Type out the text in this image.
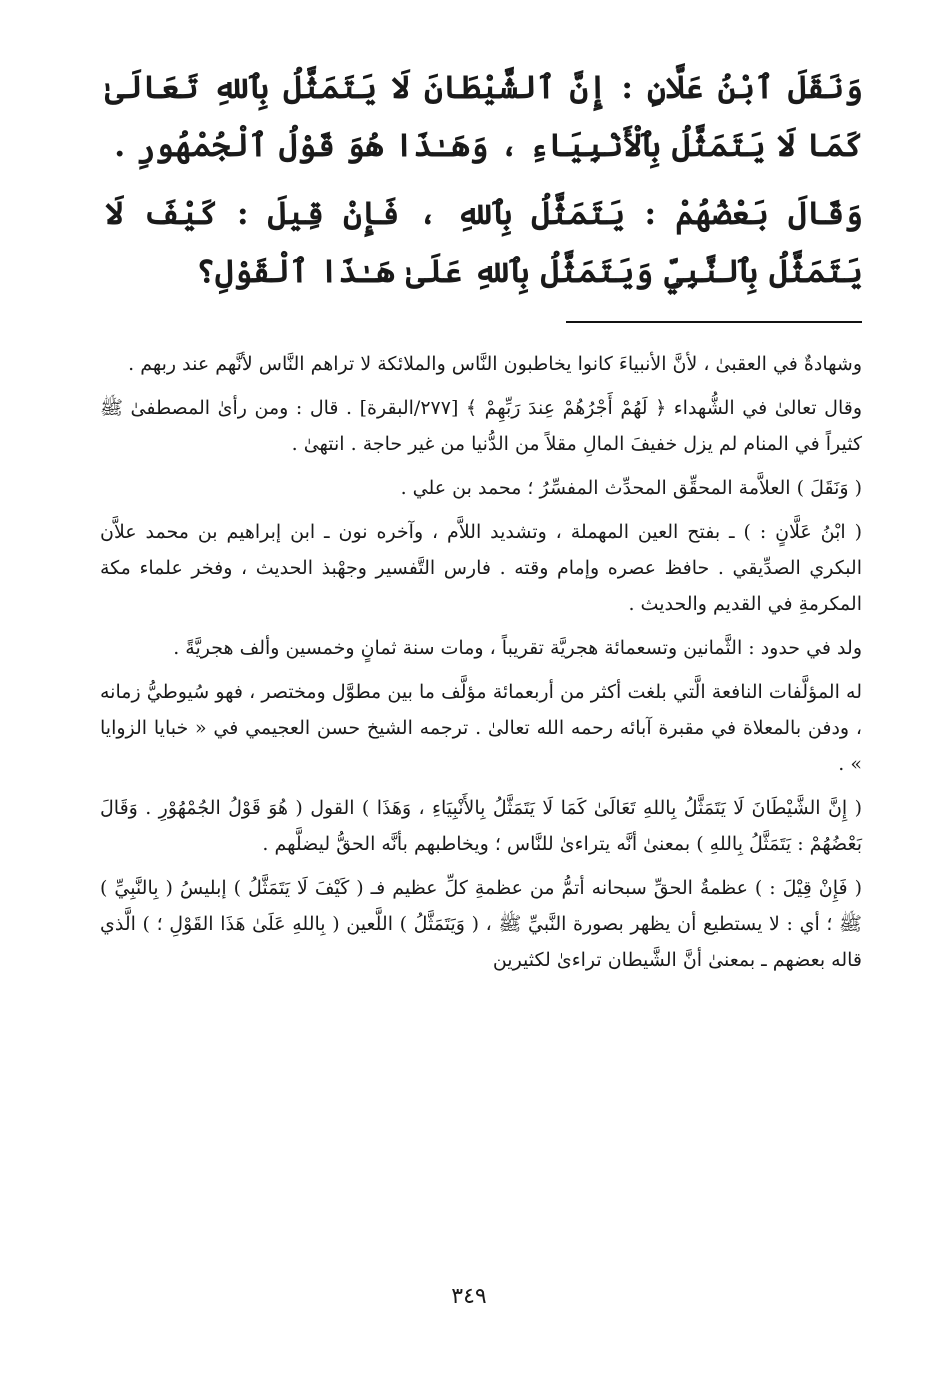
وَنَقَلَ ٱبْنُ عَلَّانٍ : إِنَّ ٱلشَّيْطَانَ لَا يَتَمَثَّلُ بِٱللهِ تَعَالَىٰ كَمَا لَا يَتَمَثَّلُ بِٱلْأَنْبِيَاءِ ، وَهَـٰذَا هُوَ قَوْلُ ٱلْجُمْهُورِ .

وَقَالَ بَعْضُهُمْ : يَتَمَثَّلُ بِٱللهِ ، فَإِنْ قِيلَ : كَيْفَ لَا يَتَمَثَّلُ بِٱلنَّبِيِّ وَيَتَمَثَّلُ بِٱللهِ عَلَىٰ هَـٰذَا ٱلْقَوْلِ؟

وشهادةٌ في العقبىٰ ، لأنَّ الأنبياءَ كانوا يخاطبون النَّاس والملائكة لا تراهم النَّاس لأنَّهم عند ربهم .

وقال تعالىٰ في الشُّهداء ﴿ لَهُمْ أَجْرُهُمْ عِندَ رَبِّهِمْ ﴾ [٢٧٧/البقرة] . قال : ومن رأىٰ المصطفىٰ ﷺ كثيراً في المنام لم يزل خفيفَ المالِ مقلاً من الدُّنيا من غير حاجة . انتهىٰ .

( وَنَقَلَ ) العلاَّمة المحقِّق المحدِّث المفسِّرُ ؛ محمد بن علي .

( ابْنُ عَلَّانٍ : ) ـ بفتح العين المهملة ، وتشديد اللاَّم ، وآخره نون ـ ابن إبراهيم بن محمد علاَّن البكري الصدِّيقي . حافظ عصره وإمام وقته . فارس التَّفسير وجهْبذ الحديث ، وفخر علماء مكة المكرمةِ في القديم والحديث .

ولد في حدود : الثَّمانين وتسعمائة هجريَّة تقريباً ، ومات سنة ثمانٍ وخمسين وألف هجريَّةً .

له المؤلَّفات النافعة الَّتي بلغت أكثر من أربعمائة مؤلَّف ما بين مطوَّل ومختصر ، فهو سُيوطيُّ زمانه ، ودفن بالمعلاة في مقبرة آبائه رحمه الله تعالىٰ . ترجمه الشيخ حسن العجيمي في « خبايا الزوايا » .

( إِنَّ الشَّيْطَانَ لَا يَتَمَثَّلُ بِاللهِ تَعَالَىٰ كَمَا لَا يَتَمَثَّلُ بِالأَنْبِيَاءِ ، وَهَذَا ) القول ( هُوَ قَوْلُ الجُمْهُوْرِ . وَقَالَ بَعْضُهُمْ : يَتَمَثَّلُ بِاللهِ ) بمعنىٰ أنَّه يتراءىٰ للنَّاس ؛ ويخاطبهم بأنَّه الحقُّ ليضلَّهم .

( فَإِنْ قِيْلَ : ) عظمةُ الحقِّ سبحانه أتمُّ من عظمةِ كلِّ عظيم فـ ( كَيْفَ لَا يَتَمَثَّلُ ) إبليسُ ( بِالنَّبِيِّ ) ﷺ ؛ أي : لا يستطيع أن يظهر بصورة النَّبيِّ ﷺ ، ( وَيَتَمَثَّلُ ) اللَّعين ( بِاللهِ عَلَىٰ هَذَا القَوْلِ ؛ ) الَّذي قاله بعضهم ـ بمعنىٰ أنَّ الشَّيطان تراءىٰ لكثيرين

٣٤٩
